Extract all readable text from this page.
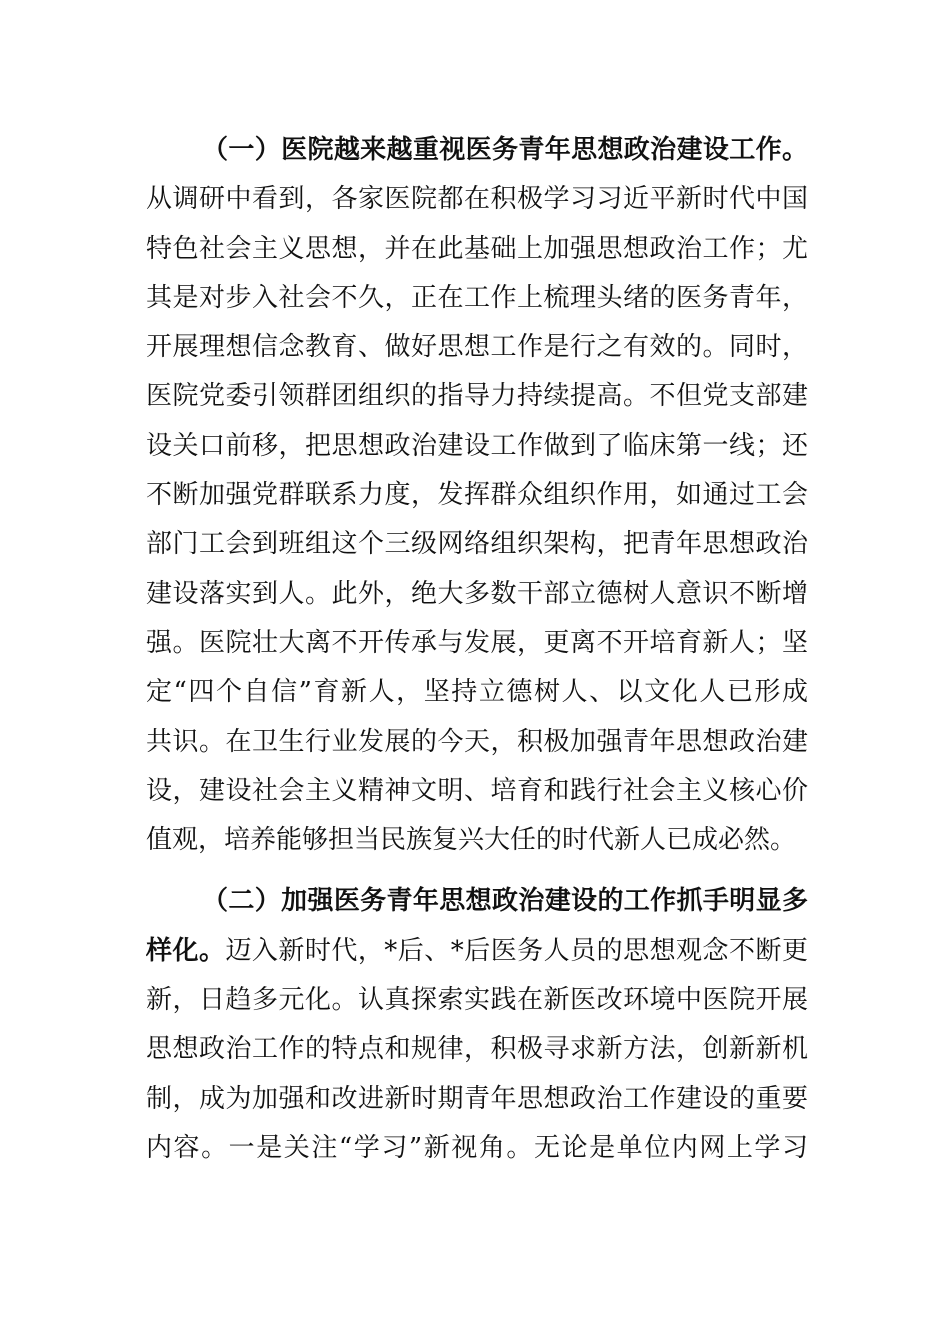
（一）医院越来越重视医务青年思想政治建设工作。
从调研中看到，各家医院都在积极学习习近平新时代中国
特色社会主义思想，并在此基础上加强思想政治工作；尤
其是对步入社会不久，正在工作上梳理头绪的医务青年，
开展理想信念教育、做好思想工作是行之有效的。同时，
医院党委引领群团组织的指导力持续提高。不但党支部建
设关口前移，把思想政治建设工作做到了临床第一线；还
不断加强党群联系力度，发挥群众组织作用，如通过工会
部门工会到班组这个三级网络组织架构，把青年思想政治
建设落实到人。此外，绝大多数干部立德树人意识不断增
强。医院壮大离不开传承与发展，更离不开培育新人；坚
定“四个自信”育新人，坚持立德树人、以文化人已形成
共识。在卫生行业发展的今天，积极加强青年思想政治建
设，建设社会主义精神文明、培育和践行社会主义核心价
值观，培养能够担当民族复兴大任的时代新人已成必然。
（二）加强医务青年思想政治建设的工作抓手明显多
样化。迈入新时代，*后、*后医务人员的思想观念不断更
新，日趋多元化。认真探索实践在新医改环境中医院开展
思想政治工作的特点和规律，积极寻求新方法，创新新机
制，成为加强和改进新时期青年思想政治工作建设的重要
内容。一是关注“学习”新视角。无论是单位内网上学习
